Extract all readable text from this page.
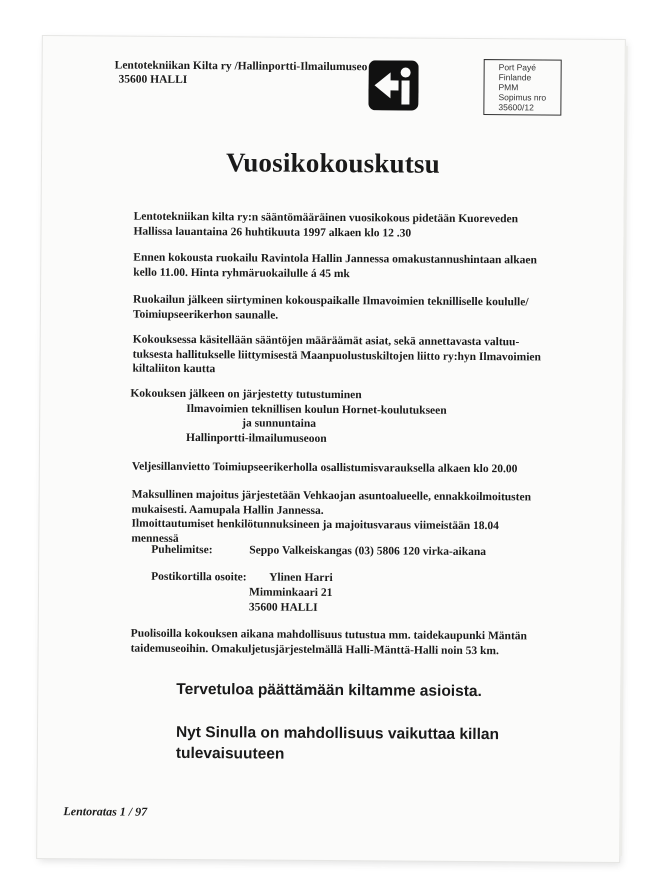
Lentotekniikan Kilta ry /Hallinportti-Ilmailumuseo
35600 HALLI
Port Payé
Finlande
PMM
Sopimus nro
35600/12
Vuosikokouskutsu
Lentotekniikan kilta ry:n sääntömääräinen vuosikokous pidetään Kuoreveden
Hallissa lauantaina 26 huhtikuuta 1997 alkaen klo 12 .30
Ennen kokousta ruokailu Ravintola Hallin Jannessa omakustannushintaan alkaen
kello 11.00. Hinta ryhmäruokailulle á 45 mk
Ruokailun jälkeen siirtyminen kokouspaikalle Ilmavoimien teknilliselle koululle/
Toimiupseerikerhon saunalle.
Kokouksessa käsitellään sääntöjen määräämät asiat, sekä annettavasta valtuu-
tuksesta hallitukselle liittymisestä Maanpuolustuskiltojen liitto ry:hyn Ilmavoimien
kiltaliiton kautta
Kokouksen jälkeen on järjestetty tutustuminen
Ilmavoimien teknillisen koulun Hornet-koulutukseen
ja sunnuntaina
Hallinportti-ilmailumuseoon
Veljesillanvietto Toimiupseerikerholla osallistumisvarauksella alkaen klo 20.00
Maksullinen majoitus järjestetään Vehkaojan asuntoalueelle, ennakkoilmoitusten
mukaisesti. Aamupala Hallin Jannessa.
Ilmoittautumiset henkilötunnuksineen ja majoitusvaraus viimeistään 18.04
mennessä
Puhelimitse:	Seppo Valkeiskangas (03) 5806 120 virka-aikana
Postikortilla osoite: Ylinen Harri
Mimminkaari 21
35600 HALLI
Puolisoilla kokouksen aikana mahdollisuus tutustua mm. taidekaupunki Mäntän
taidemuseoihin. Omakuljetusjärjestelmällä Halli-Mänttä-Halli noin 53 km.
Tervetuloa päättämään kiltamme asioista.
Nyt Sinulla on mahdollisuus vaikuttaa killan
tulevaisuuteen
Lentoratas 1 / 97
